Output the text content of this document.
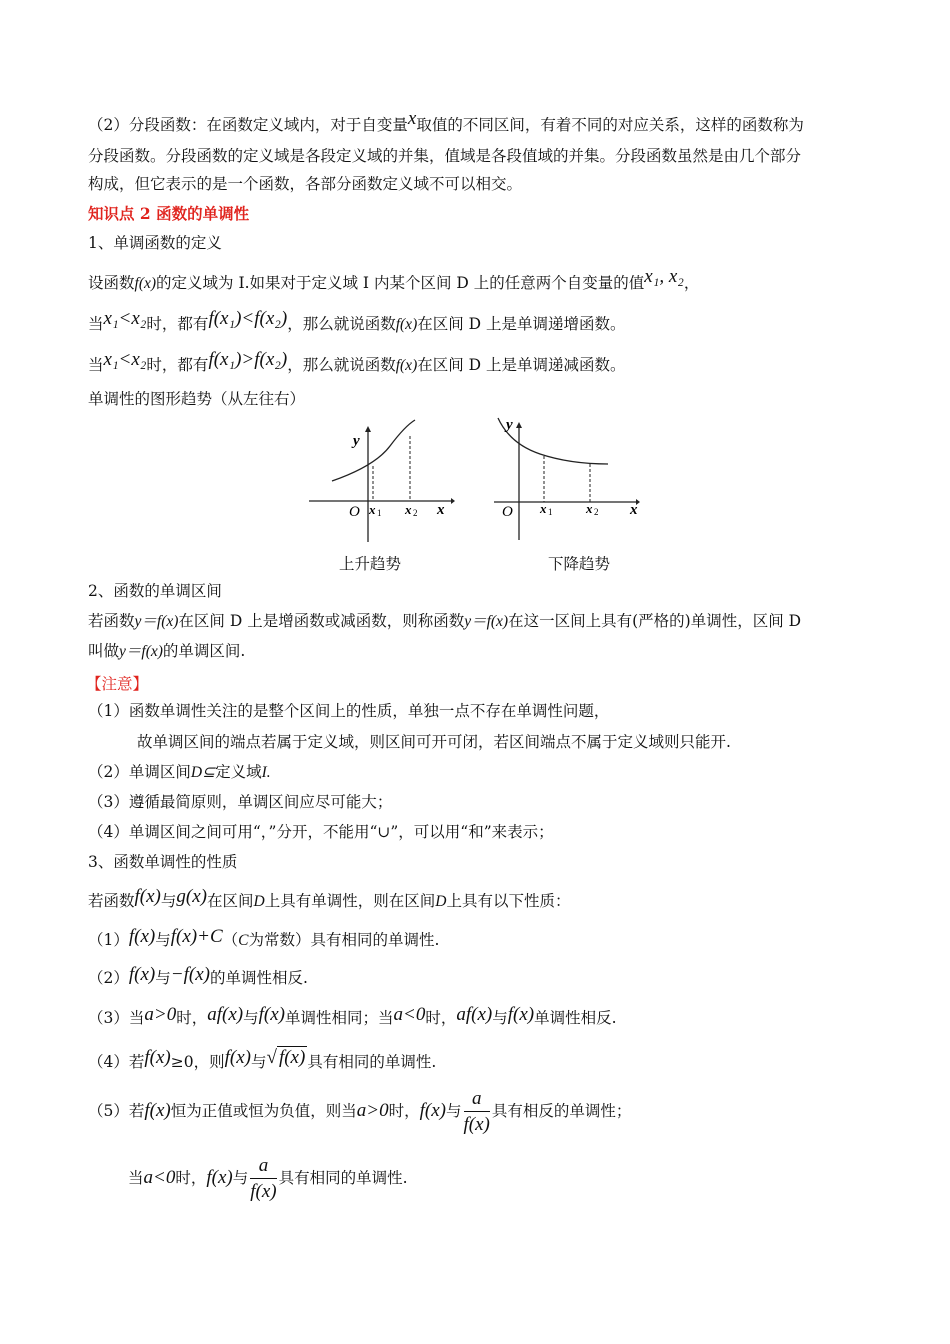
（2）分段函数：在函数定义域内，对于自变量x取值的不同区间，有着不同的对应关系，这样的函数称为
分段函数。分段函数的定义域是各段定义域的并集，值域是各段值域的并集。分段函数虽然是由几个部分
构成，但它表示的是一个函数，各部分函数定义域不可以相交。
知识点 2 函数的单调性
1、单调函数的定义
设函数f(x)的定义域为 I.如果对于定义域 I 内某个区间 D 上的任意两个自变量的值x₁, x₂，
当x₁<x₂时，都有f(x₁)<f(x₂)，那么就说函数f(x)在区间 D 上是单调递增函数。
当x₁<x₂时，都有f(x₁)>f(x₂)，那么就说函数f(x)在区间 D 上是单调递减函数。
单调性的图形趋势（从左往右）
y
x
O x 1 x 2
上升趋势
y
x
O x 1	x 2
下降趋势
2、函数的单调区间
若函数y＝f(x)在区间 D 上是增函数或减函数，则称函数y＝f(x)在这一区间上具有(严格的)单调性，区间 D
叫做y＝f(x)的单调区间.
【注意】
（1）函数单调性关注的是整个区间上的性质，单独一点不存在单调性问题，
故单调区间的端点若属于定义域，则区间可开可闭，若区间端点不属于定义域则只能开.
（2）单调区间D⊆定义域I.
（3）遵循最简原则，单调区间应尽可能大；
（4）单调区间之间可用“，”分开，不能用“∪”，可以用“和”来表示；
3、函数单调性的性质
若函数f(x)与g(x)在区间D上具有单调性，则在区间D上具有以下性质：
（1）f(x)与f(x)+C（C为常数）具有相同的单调性.
（2）f(x)与−f(x)的单调性相反.
（3）当a>0时，af(x)与f(x)单调性相同；当a<0时，af(x)与f(x)单调性相反.
（4）若f(x)≥0，则f(x)与√ f(x) 具有相同的单调性.
（5）若f(x)恒为正值或恒为负值，则当a>0时，f(x)与 $\frac{a}{f(x)}$ 具有相反的单调性；
当a<0时，f(x)与 $\frac{a}{f(x)}$ 具有相同的单调性.
